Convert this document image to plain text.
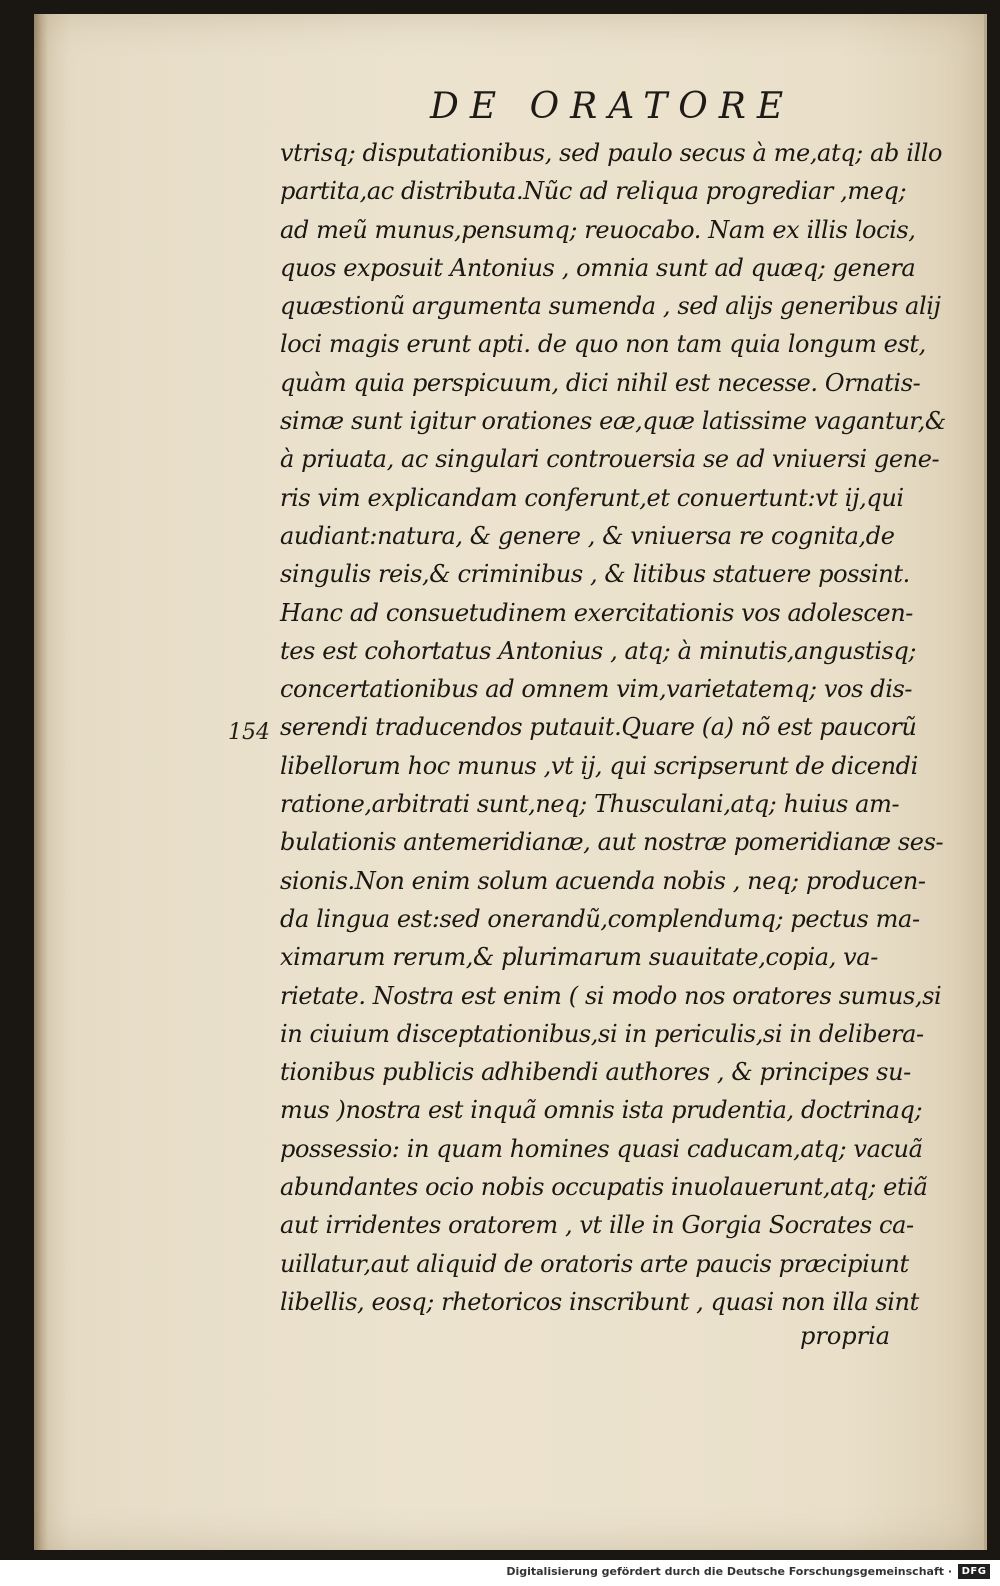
DE ORATORE
154
vtrisq; disputationibus, sed paulo secus à me,atq; ab illo
partita,ac distributa.Nũc ad reliqua progrediar ,meq;
ad meũ munus,pensumq; reuocabo. Nam ex illis locis,
quos exposuit Antonius , omnia sunt ad quæq; genera
quæstionũ argumenta sumenda , sed alijs generibus alij
loci magis erunt apti. de quo non tam quia longum est,
quàm quia perspicuum, dici nihil est necesse. Ornatis-
simæ sunt igitur orationes eæ,quæ latissime vagantur,&
à priuata, ac singulari controuersia se ad vniuersi gene-
ris vim explicandam conferunt,et conuertunt:vt ij,qui
audiant:natura, & genere , & vniuersa re cognita,de
singulis reis,& criminibus , & litibus statuere possint.
Hanc ad consuetudinem exercitationis vos adolescen-
tes est cohortatus Antonius , atq; à minutis,angustisq;
concertationibus ad omnem vim,varietatemq; vos dis-
serendi traducendos putauit.Quare (a) nõ est paucorũ
libellorum hoc munus ,vt ij, qui scripserunt de dicendi
ratione,arbitrati sunt,neq; Thusculani,atq; huius am-
bulationis antemeridianæ, aut nostræ pomeridianæ ses-
sionis.Non enim solum acuenda nobis , neq; producen-
da lingua est:sed onerandũ,complendumq; pectus ma-
ximarum rerum,& plurimarum suauitate,copia, va-
rietate. Nostra est enim ( si modo nos oratores sumus,si
in ciuium disceptationibus,si in periculis,si in delibera-
tionibus publicis adhibendi authores , & principes su-
mus )nostra est inquã omnis ista prudentia, doctrinaq;
possessio: in quam homines quasi caducam,atq; vacuã
abundantes ocio nobis occupatis inuolauerunt,atq; etiã
aut irridentes oratorem , vt ille in Gorgia Socrates ca-
uillatur,aut aliquid de oratoris arte paucis præcipiunt
libellis, eosq; rhetoricos inscribunt , quasi non illa sint
propria
Digitalisierung gefördert durch die Deutsche Forschungsgemeinschaft · DFG
